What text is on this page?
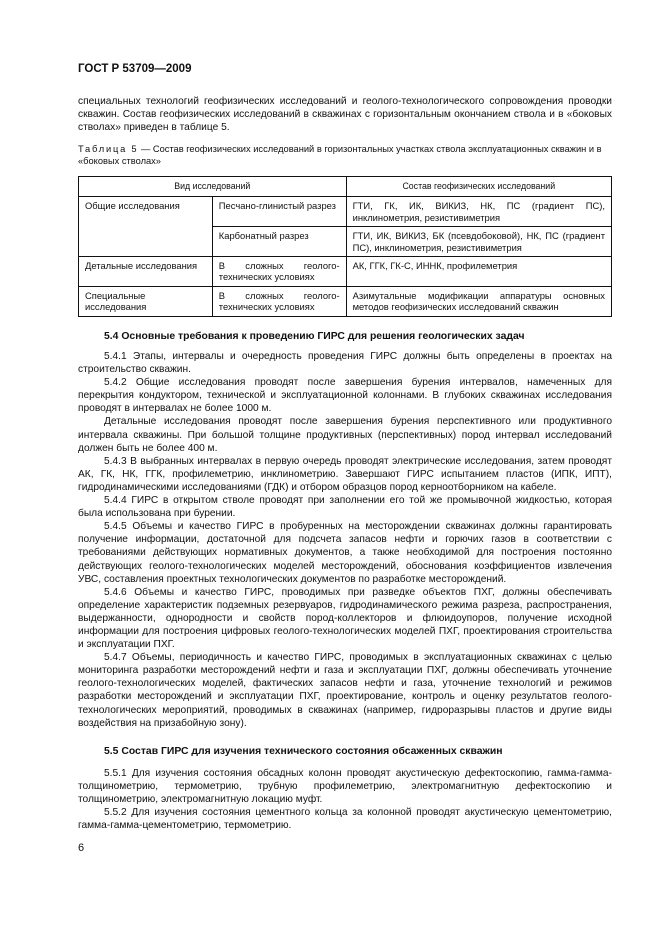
ГОСТ Р 53709—2009

специальных технологий геофизических исследований и геолого-технологического сопровождения проводки скважин. Состав геофизических исследований в скважинах с горизонтальным окончанием ствола и в «боковых стволах» приведен в таблице 5.

Таблица 5 — Состав геофизических исследований в горизонтальных участках ствола эксплуатационных скважин и в «боковых стволах»
Вид исследований		Состав геофизических исследований
Общие исследования	Песчано-глинистый разрез	ГТИ, ГК, ИК, ВИКИЗ, НК, ПС (градиент ПС), инклинометрия, резистивиметрия
	Карбонатный разрез	ГТИ, ИК, ВИКИЗ, БК (псевдобоковой), НК, ПС (градиент ПС), инклинометрия, резистивиметрия
Детальные исследования	В сложных геолого-технических условиях	АК, ГГК, ГК-С, ИННК, профилеметрия
Специальные исследования	В сложных геолого-технических условиях	Азимутальные модификации аппаратуры основных методов геофизических исследований скважин
5.4 Основные требования к проведению ГИРС для решения геологических задач

5.4.1 Этапы, интервалы и очередность проведения ГИРС должны быть определены в проектах на строительство скважин.

5.4.2 Общие исследования проводят после завершения бурения интервалов, намеченных для перекрытия кондуктором, технической и эксплуатационной колоннами. В глубоких скважинах исследования проводят в интервалах не более 1000 м.

Детальные исследования проводят после завершения бурения перспективного или продуктивного интервала скважины. При большой толщине продуктивных (перспективных) пород интервал исследований должен быть не более 400 м.

5.4.3 В выбранных интервалах в первую очередь проводят электрические исследования, затем проводят АК, ГК, НК, ГГК, профилеметрию, инклинометрию. Завершают ГИРС испытанием пластов (ИПК, ИПТ), гидродинамическими исследованиями (ГДК) и отбором образцов пород керноотборником на кабеле.

5.4.4 ГИРС в открытом стволе проводят при заполнении его той же промывочной жидкостью, которая была использована при бурении.

5.4.5 Объемы и качество ГИРС в пробуренных на месторождении скважинах должны гарантировать получение информации, достаточной для подсчета запасов нефти и горючих газов в соответствии с требованиями действующих нормативных документов, а также необходимой для построения постоянно действующих геолого-технологических моделей месторождений, обоснования коэффициентов извлечения УВС, составления проектных технологических документов по разработке месторождений.

5.4.6 Объемы и качество ГИРС, проводимых при разведке объектов ПХГ, должны обеспечивать определение характеристик подземных резервуаров, гидродинамического режима разреза, распространения, выдержанности, однородности и свойств пород-коллекторов и флюидоупоров, получение исходной информации для построения цифровых геолого-технологических моделей ПХГ, проектирования строительства и эксплуатации ПХГ.

5.4.7 Объемы, периодичность и качество ГИРС, проводимых в эксплуатационных скважинах с целью мониторинга разработки месторождений нефти и газа и эксплуатации ПХГ, должны обеспечивать уточнение геолого-технологических моделей, фактических запасов нефти и газа, уточнение технологий и режимов разработки месторождений и эксплуатации ПХГ, проектирование, контроль и оценку результатов геолого-технологических мероприятий, проводимых в скважинах (например, гидроразрывы пластов и другие виды воздействия на призабойную зону).

5.5 Состав ГИРС для изучения технического состояния обсаженных скважин

5.5.1 Для изучения состояния обсадных колонн проводят акустическую дефектоскопию, гамма-гамма-толщинометрию, термометрию, трубную профилеметрию, электромагнитную дефектоскопию и толщинометрию, электромагнитную локацию муфт.

5.5.2 Для изучения состояния цементного кольца за колонной проводят акустическую цементометрию, гамма-гамма-цементометрию, термометрию.

6
